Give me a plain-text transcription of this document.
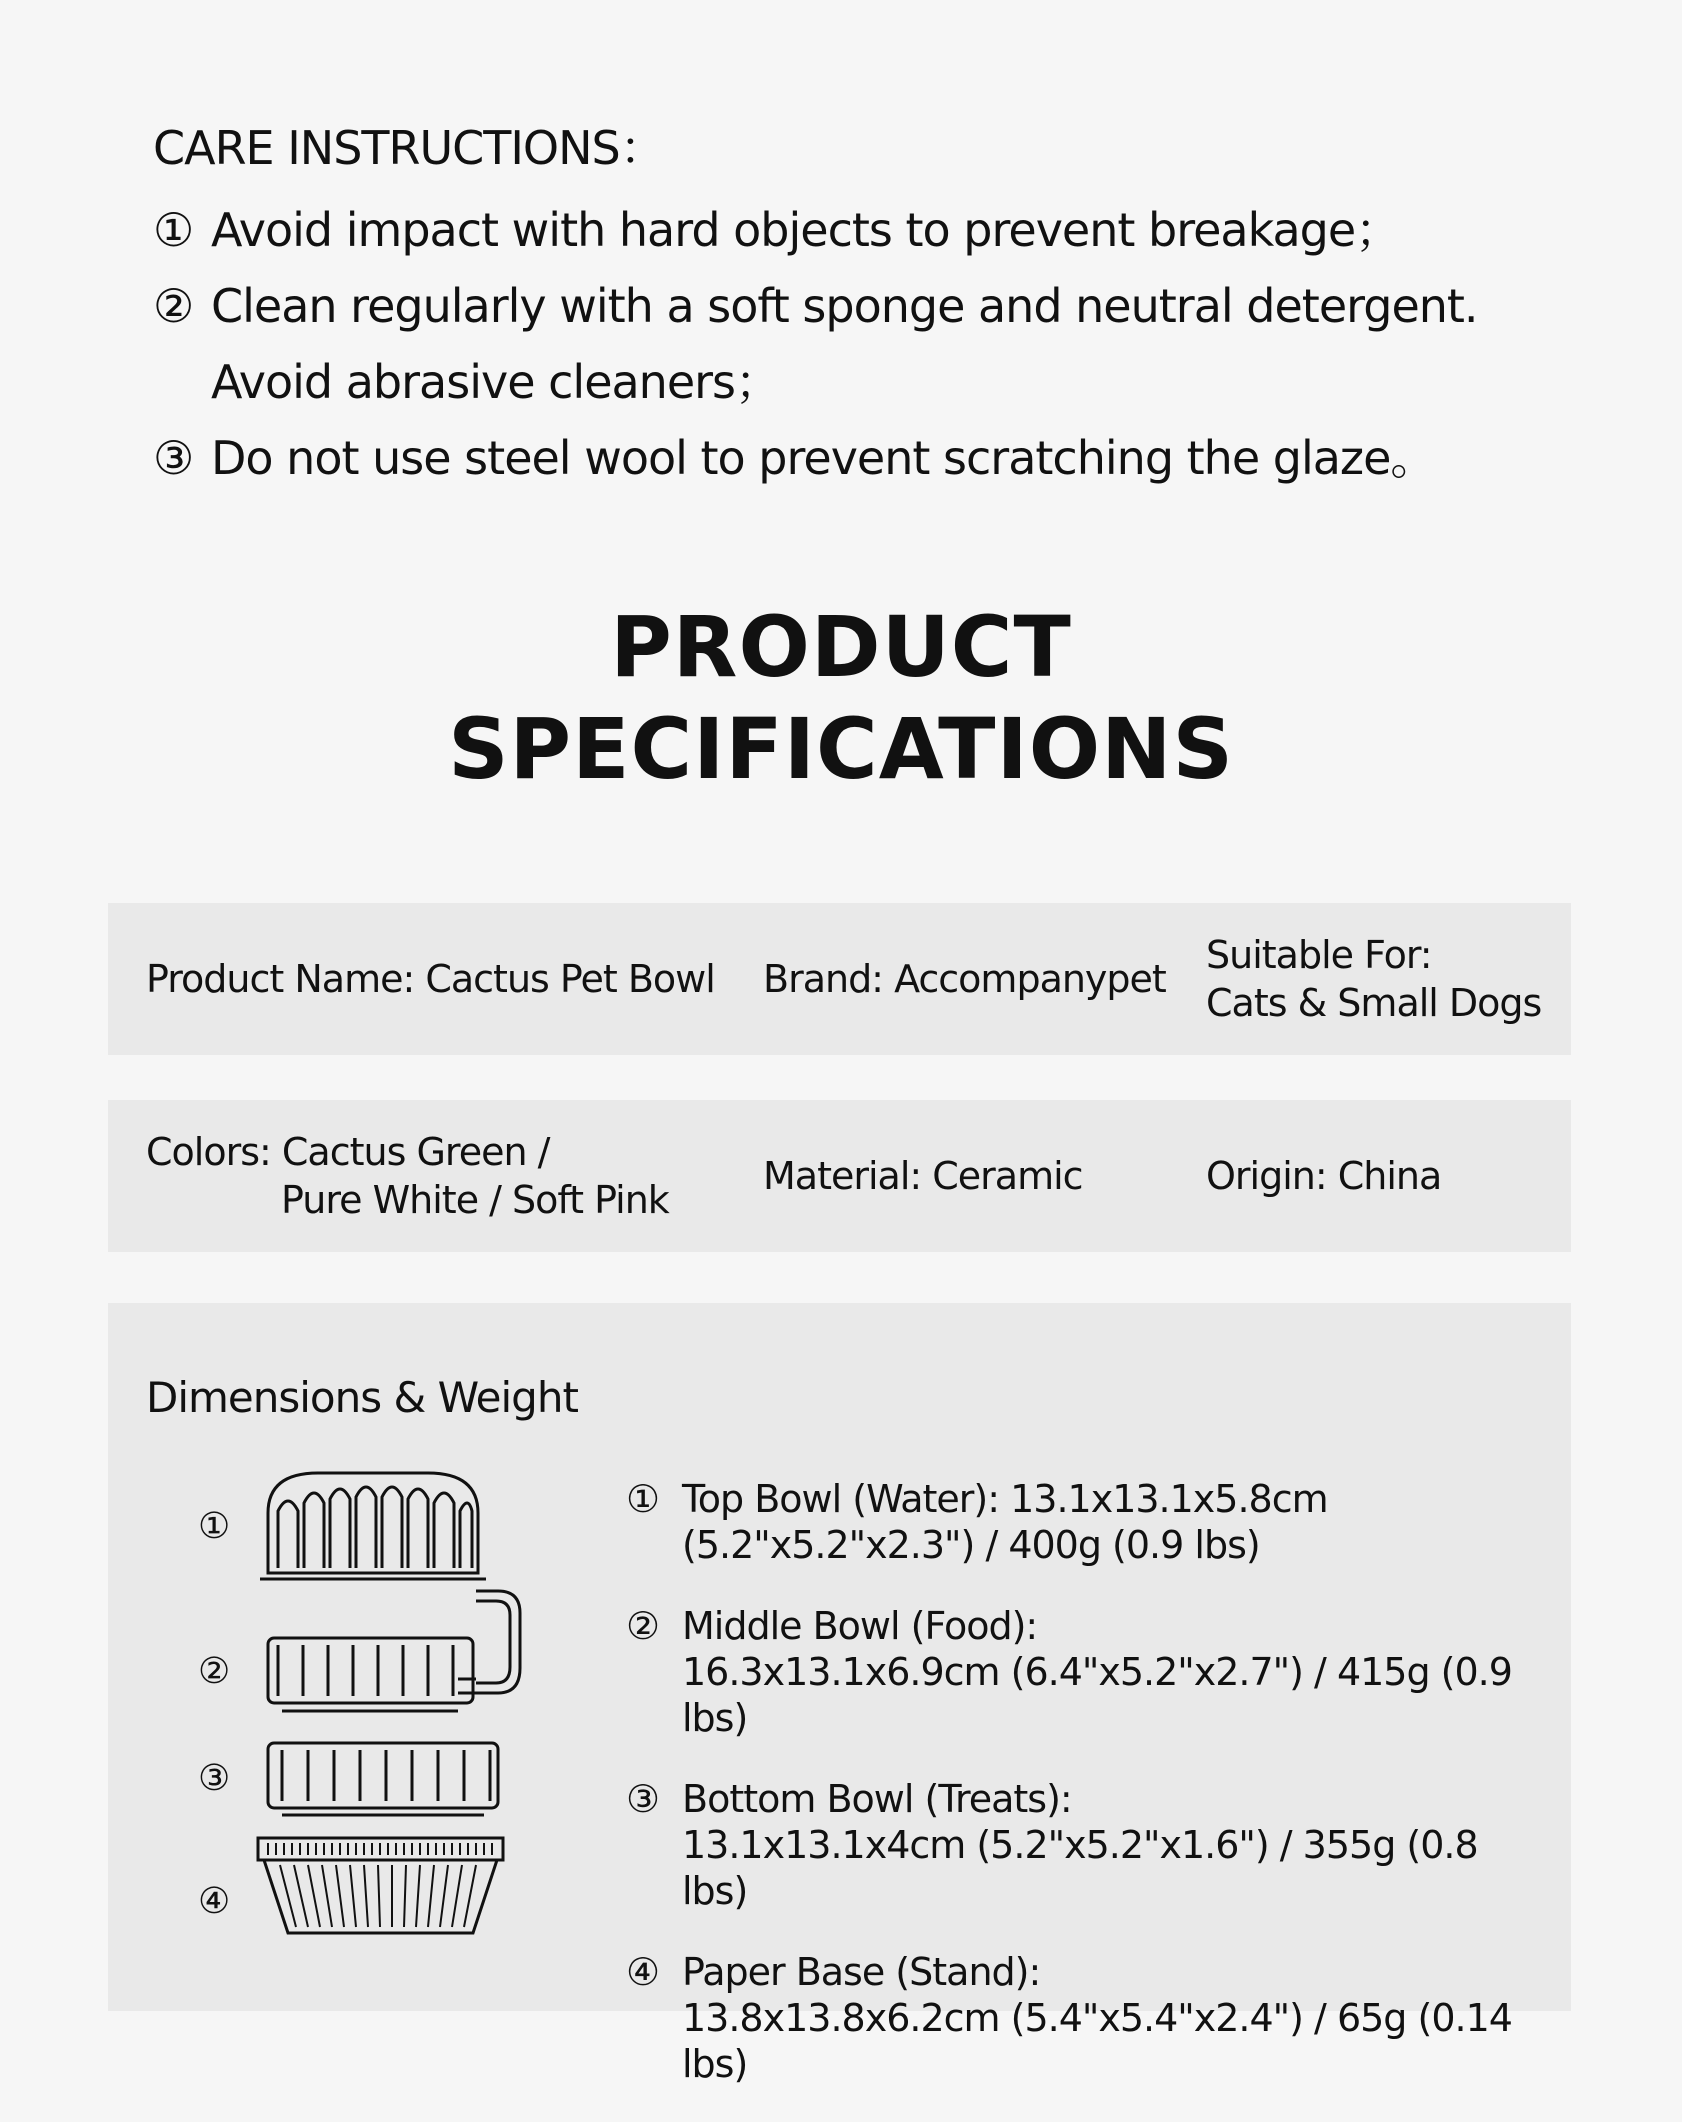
CARE INSTRUCTIONS：
① Avoid impact with hard objects to prevent breakage；
② Clean regularly with a soft sponge and neutral detergent.
Avoid abrasive cleaners；
③ Do not use steel wool to prevent scratching the glaze。
PRODUCT
SPECIFICATIONS
Product Name: Cactus Pet Bowl Brand: Accompanypet
Suitable For:
Cats & Small Dogs
Colors: Cactus Green /
Pure White / Soft Pink
Material: Ceramic	Origin: China
Dimensions & Weight
①
②
③
④
① Top Bowl (Water): 13.1x13.1x5.8cm
(5.2"x5.2"x2.3") / 400g (0.9 lbs)
② Middle Bowl (Food):
16.3x13.1x6.9cm (6.4"x5.2"x2.7") / 415g (0.9 lbs)
③ Bottom Bowl (Treats):
13.1x13.1x4cm (5.2"x5.2"x1.6") / 355g (0.8 lbs)
④ Paper Base (Stand):
13.8x13.8x6.2cm (5.4"x5.4"x2.4") / 65g (0.14 lbs)
